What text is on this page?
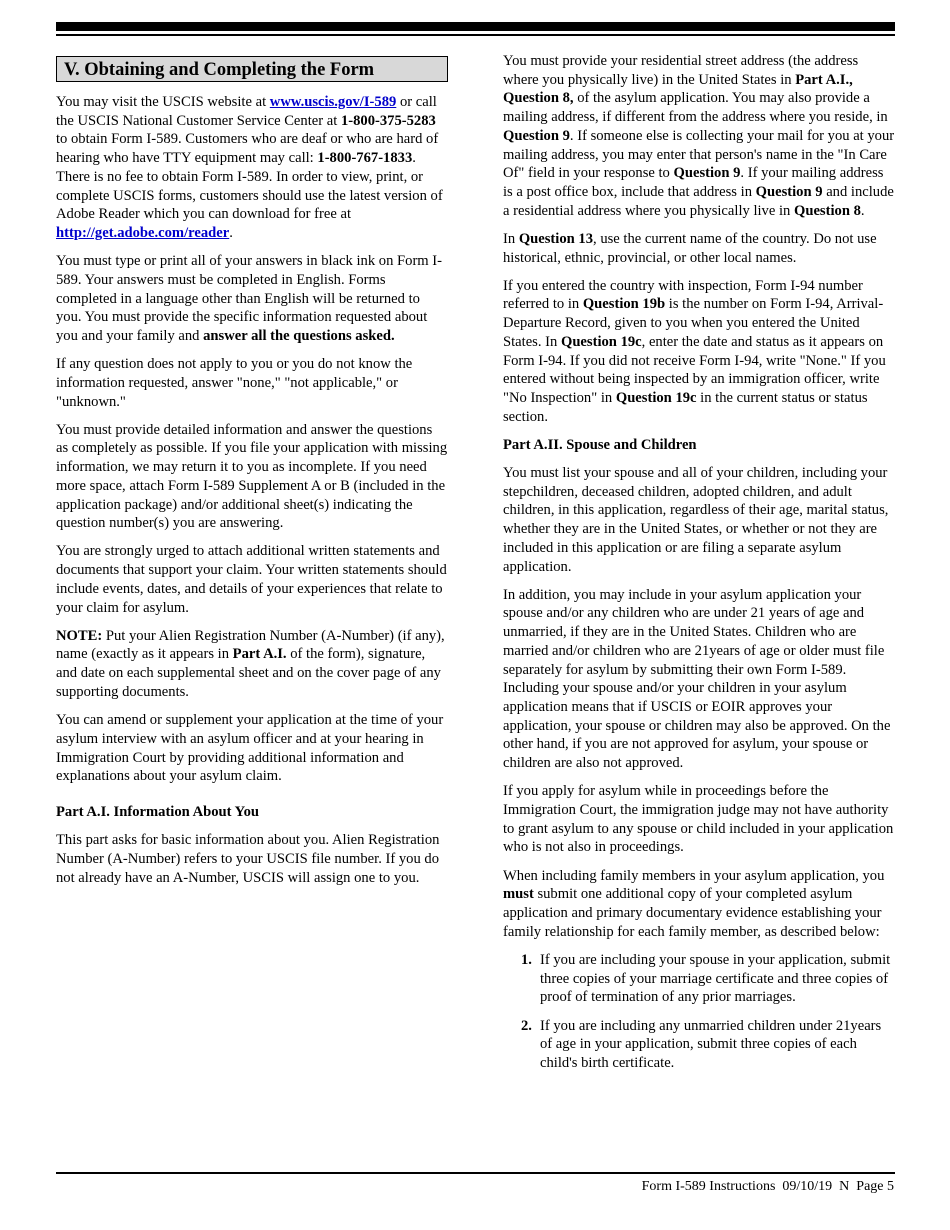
V. Obtaining and Completing the Form

You may visit the USCIS website at www.uscis.gov/I-589 or call the USCIS National Customer Service Center at 1-800-375-5283 to obtain Form I-589. Customers who are deaf or who are hard of hearing who have TTY equipment may call: 1-800-767-1833. There is no fee to obtain Form I-589. In order to view, print, or complete USCIS forms, customers should use the latest version of Adobe Reader which you can download for free at http://get.adobe.com/reader.

You must type or print all of your answers in black ink on Form I-589. Your answers must be completed in English. Forms completed in a language other than English will be returned to you. You must provide the specific information requested about you and your family and answer all the questions asked.

If any question does not apply to you or you do not know the information requested, answer "none," "not applicable," or "unknown."

You must provide detailed information and answer the questions as completely as possible. If you file your application with missing information, we may return it to you as incomplete. If you need more space, attach Form I-589 Supplement A or B (included in the application package) and/or additional sheet(s) indicating the question number(s) you are answering.

You are strongly urged to attach additional written statements and documents that support your claim. Your written statements should include events, dates, and details of your experiences that relate to your claim for asylum.

NOTE: Put your Alien Registration Number (A-Number) (if any), name (exactly as it appears in Part A.I. of the form), signature, and date on each supplemental sheet and on the cover page of any supporting documents.

You can amend or supplement your application at the time of your asylum interview with an asylum officer and at your hearing in Immigration Court by providing additional information and explanations about your asylum claim.

Part A.I. Information About You

This part asks for basic information about you. Alien Registration Number (A-Number) refers to your USCIS file number. If you do not already have an A-Number, USCIS will assign one to you.

You must provide your residential street address (the address where you physically live) in the United States in Part A.I., Question 8, of the asylum application. You may also provide a mailing address, if different from the address where you reside, in Question 9. If someone else is collecting your mail for you at your mailing address, you may enter that person's name in the "In Care Of" field in your response to Question 9. If your mailing address is a post office box, include that address in Question 9 and include a residential address where you physically live in Question 8.

In Question 13, use the current name of the country. Do not use historical, ethnic, provincial, or other local names.

If you entered the country with inspection, Form I-94 number referred to in Question 19b is the number on Form I-94, Arrival-Departure Record, given to you when you entered the United States. In Question 19c, enter the date and status as it appears on Form I-94. If you did not receive Form I-94, write "None." If you entered without being inspected by an immigration officer, write "No Inspection" in Question 19c in the current status or status section.

Part A.II. Spouse and Children

You must list your spouse and all of your children, including your stepchildren, deceased children, adopted children, and adult children, in this application, regardless of their age, marital status, whether they are in the United States, or whether or not they are included in this application or are filing a separate asylum application.

In addition, you may include in your asylum application your spouse and/or any children who are under 21 years of age and unmarried, if they are in the United States. Children who are married and/or children who are 21years of age or older must file separately for asylum by submitting their own Form I-589. Including your spouse and/or your children in your asylum application means that if USCIS or EOIR approves your application, your spouse or children may also be approved. On the other hand, if you are not approved for asylum, your spouse or children are also not approved.

If you apply for asylum while in proceedings before the Immigration Court, the immigration judge may not have authority to grant asylum to any spouse or child included in your application who is not also in proceedings.

When including family members in your asylum application, you must submit one additional copy of your completed asylum application and primary documentary evidence establishing your family relationship for each family member, as described below:

1. If you are including your spouse in your application, submit three copies of your marriage certificate and three copies of proof of termination of any prior marriages.
2. If you are including any unmarried children under 21years of age in your application, submit three copies of each child's birth certificate.
Form I-589 Instructions  09/10/19  N  Page 5
